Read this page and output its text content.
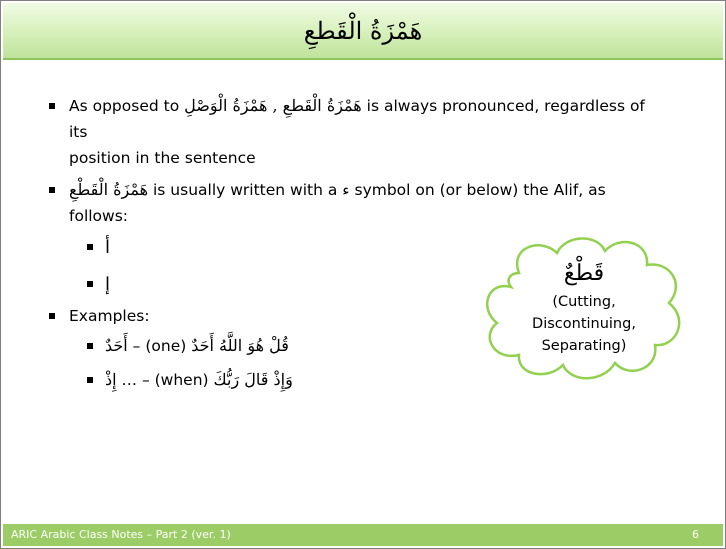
هَمْزَةُ الْقَطعِ
As opposed to هَمْزَةُ الْقَطعِ , هَمْزَةُ الْوَصْلِ is always pronounced, regardless of its
position in the sentence
هَمْزَةُ الْقَطْعِ is usually written with a ء symbol on (or below) the Alif, as follows:
أ
إ
Examples:
أَحَدٌ – (one) قُلْ هُوَ اللَّهُ أَحَدٌ
إِذْ … – (when) وَإِذْ قَالَ رَبُّكَ
قَطْعٌ
(Cutting,
Discontinuing,
Separating)
ARIC Arabic Class Notes – Part 2 (ver. 1)	6
